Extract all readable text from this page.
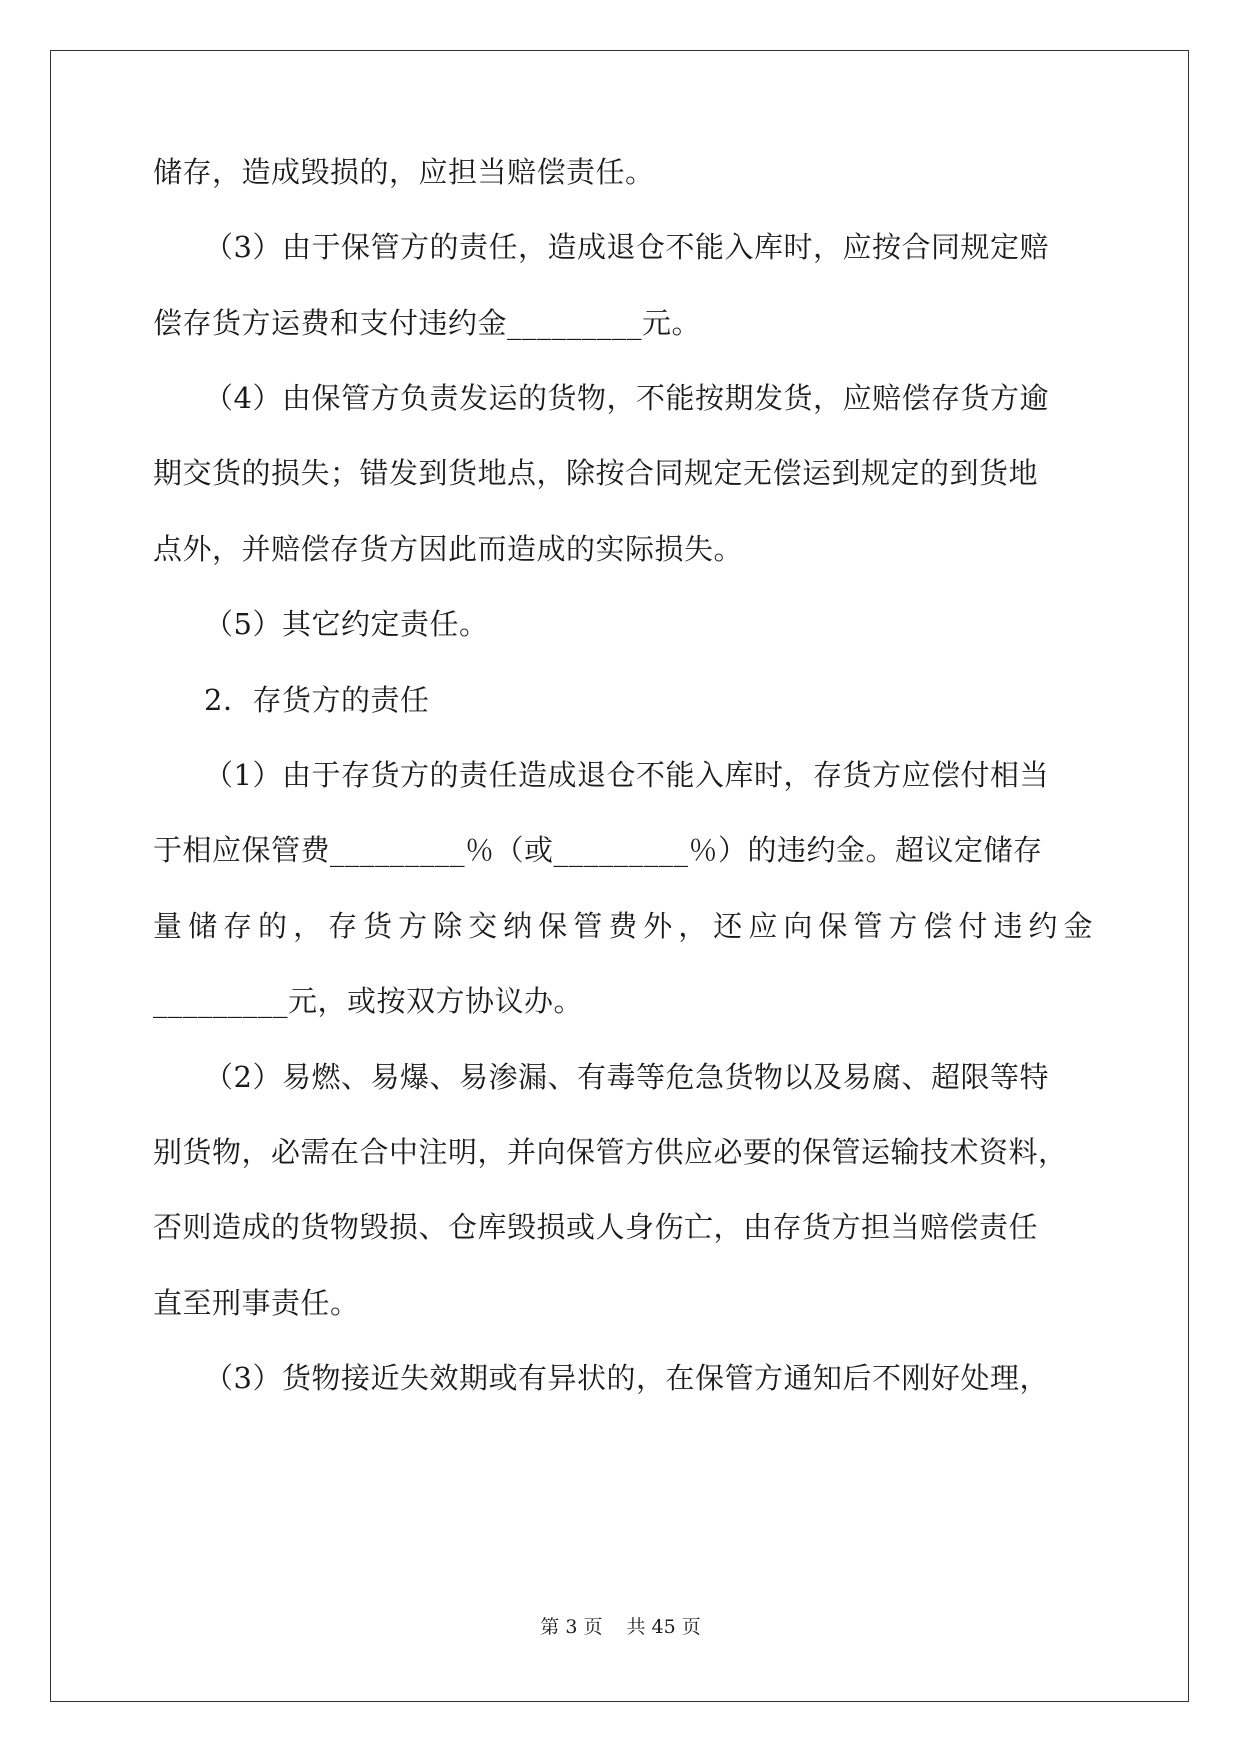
储存，造成毁损的，应担当赔偿责任。
（3）由于保管方的责任，造成退仓不能入库时，应按合同规定赔
偿存货方运费和支付违约金_________元。
（4）由保管方负责发运的货物，不能按期发货，应赔偿存货方逾
期交货的损失；错发到货地点，除按合同规定无偿运到规定的到货地
点外，并赔偿存货方因此而造成的实际损失。
（5）其它约定责任。
2．存货方的责任
（1）由于存货方的责任造成退仓不能入库时，存货方应偿付相当
于相应保管费_________％（或_________％）的违约金。超议定储存
量储存的，存货方除交纳保管费外，还应向保管方偿付违约金
_________元，或按双方协议办。
（2）易燃、易爆、易渗漏、有毒等危急货物以及易腐、超限等特
别货物，必需在合中注明，并向保管方供应必要的保管运输技术资料，
否则造成的货物毁损、仓库毁损或人身伤亡，由存货方担当赔偿责任
直至刑事责任。
（3）货物接近失效期或有异状的，在保管方通知后不刚好处理，
第 3 页 共 45 页
